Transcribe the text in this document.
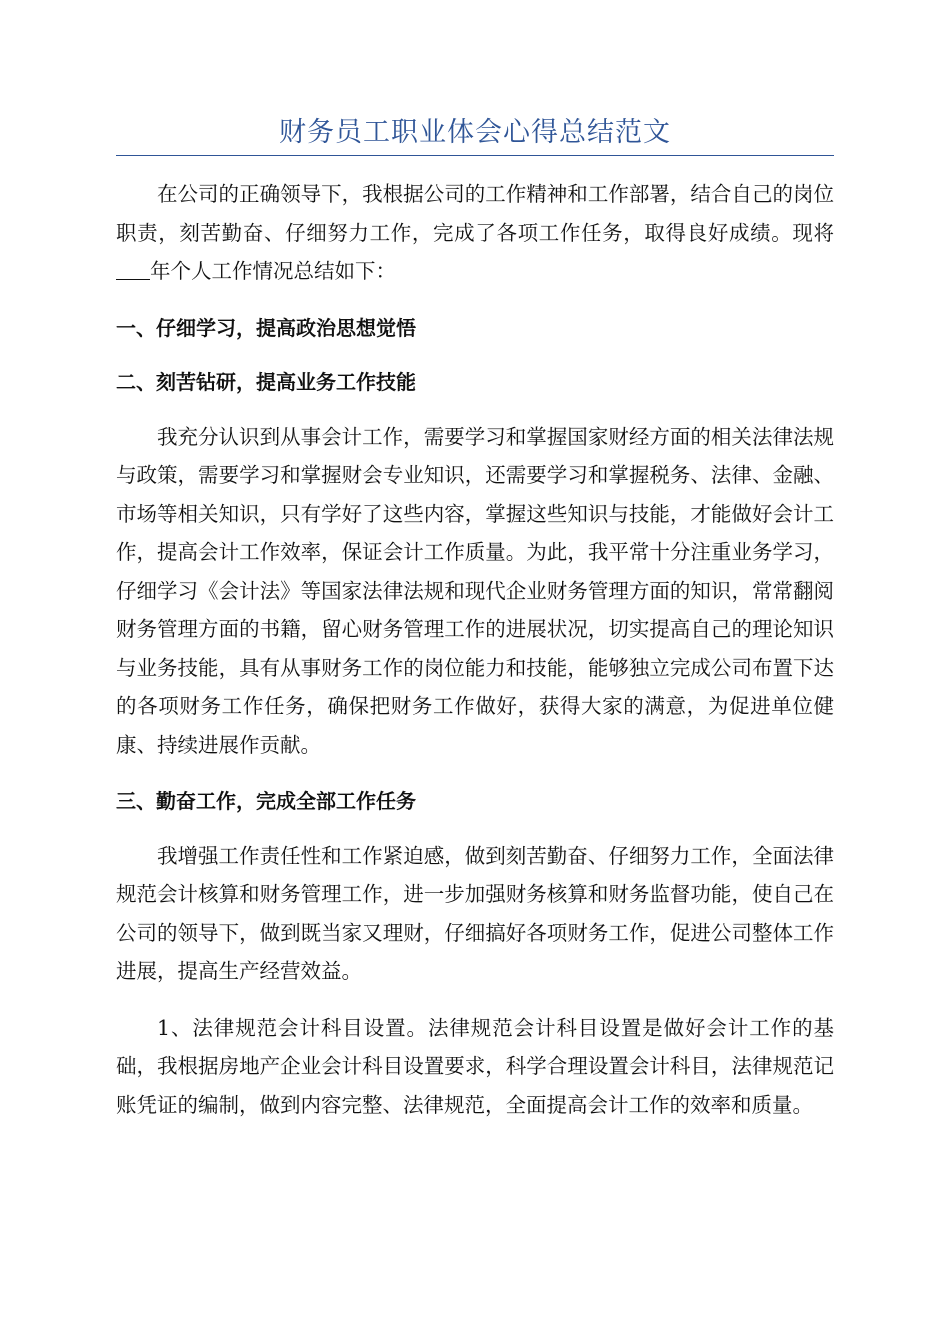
财务员工职业体会心得总结范文

在公司的正确领导下，我根据公司的工作精神和工作部署，结合自己的岗位职责，刻苦勤奋、仔细努力工作，完成了各项工作任务，取得良好成绩。现将年个人工作情况总结如下：

一、仔细学习，提高政治思想觉悟

二、刻苦钻研，提高业务工作技能

我充分认识到从事会计工作，需要学习和掌握国家财经方面的相关法律法规与政策，需要学习和掌握财会专业知识，还需要学习和掌握税务、法律、金融、市场等相关知识，只有学好了这些内容，掌握这些知识与技能，才能做好会计工作，提高会计工作效率，保证会计工作质量。为此，我平常十分注重业务学习，仔细学习《会计法》等国家法律法规和现代企业财务管理方面的知识，常常翻阅财务管理方面的书籍，留心财务管理工作的进展状况，切实提高自己的理论知识与业务技能，具有从事财务工作的岗位能力和技能，能够独立完成公司布置下达的各项财务工作任务，确保把财务工作做好，获得大家的满意，为促进单位健康、持续进展作贡献。

三、勤奋工作，完成全部工作任务

我增强工作责任性和工作紧迫感，做到刻苦勤奋、仔细努力工作，全面法律规范会计核算和财务管理工作，进一步加强财务核算和财务监督功能，使自己在公司的领导下，做到既当家又理财，仔细搞好各项财务工作，促进公司整体工作进展，提高生产经营效益。

1、法律规范会计科目设置。法律规范会计科目设置是做好会计工作的基础，我根据房地产企业会计科目设置要求，科学合理设置会计科目，法律规范记账凭证的编制，做到内容完整、法律规范，全面提高会计工作的效率和质量。
